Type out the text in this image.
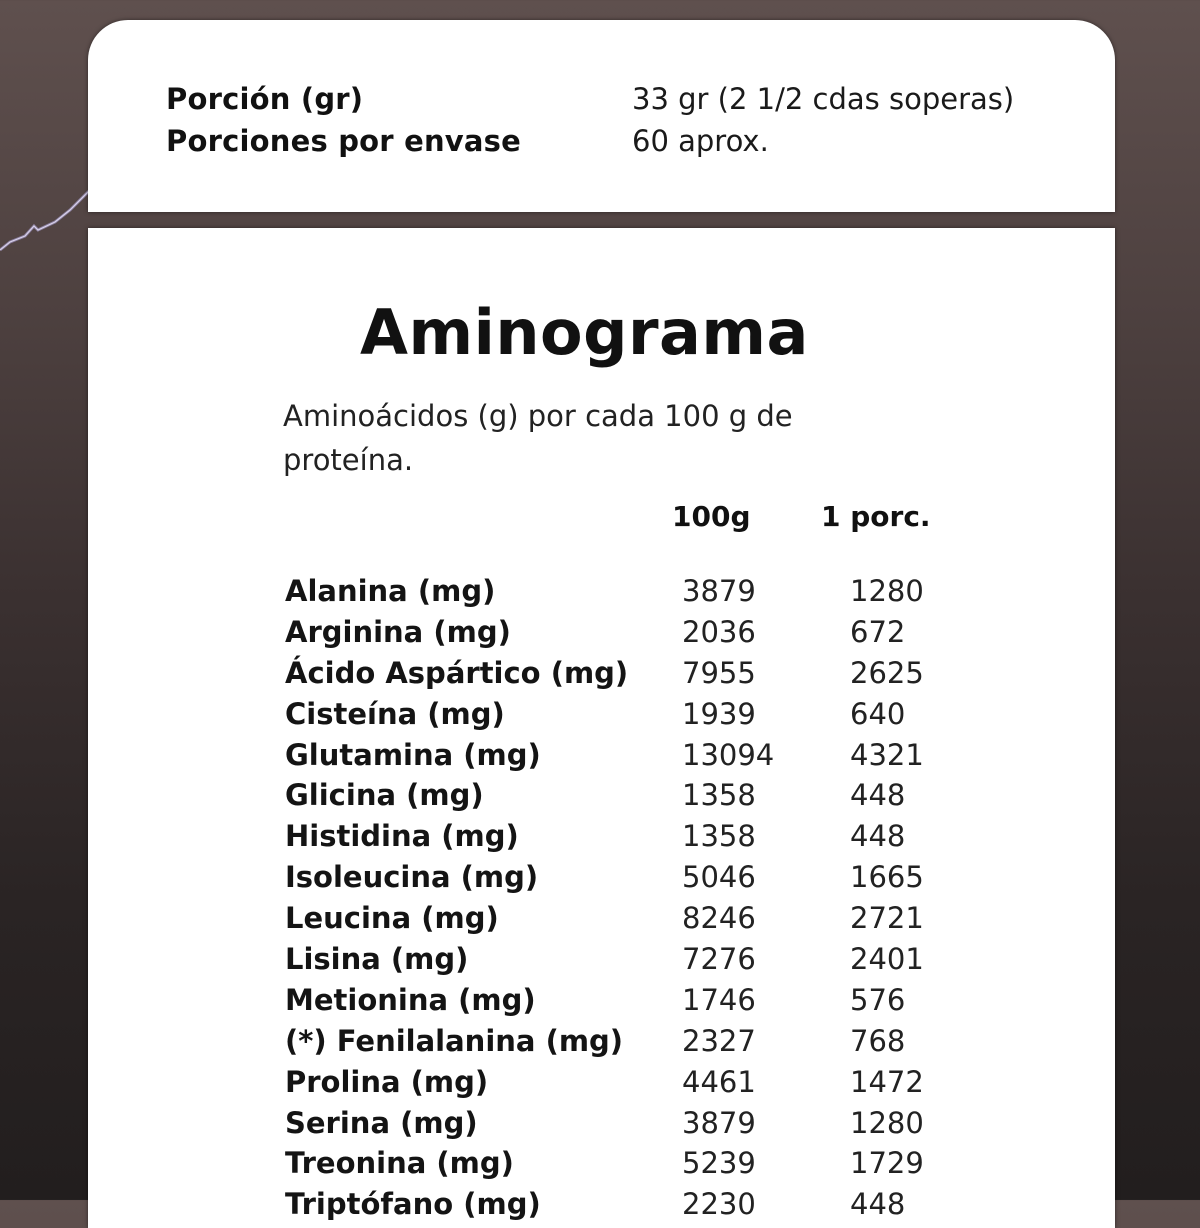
Porción (gr)	33 gr (2 1/2 cdas soperas)
Porciones por envase	60 aprox.
Aminograma
Aminoácidos (g) por cada 100 g de proteína.
100g	1 porc.
Alanina (mg)	3879	1280
Arginina (mg)	2036	672
Ácido Aspártico (mg) 7955	2625
Cisteína (mg)	1939	640
Glutamina (mg)	13094	4321
Glicina (mg)	1358	448
Histidina (mg)	1358	448
Isoleucina (mg)	5046	1665
Leucina (mg)	8246	2721
Lisina (mg)	7276	2401
Metionina (mg)	1746	576
(*) Fenilalanina (mg) 2327	768
Prolina (mg)	4461	1472
Serina (mg)	3879	1280
Treonina (mg)	5239	1729
Triptófano (mg)	2230	448
